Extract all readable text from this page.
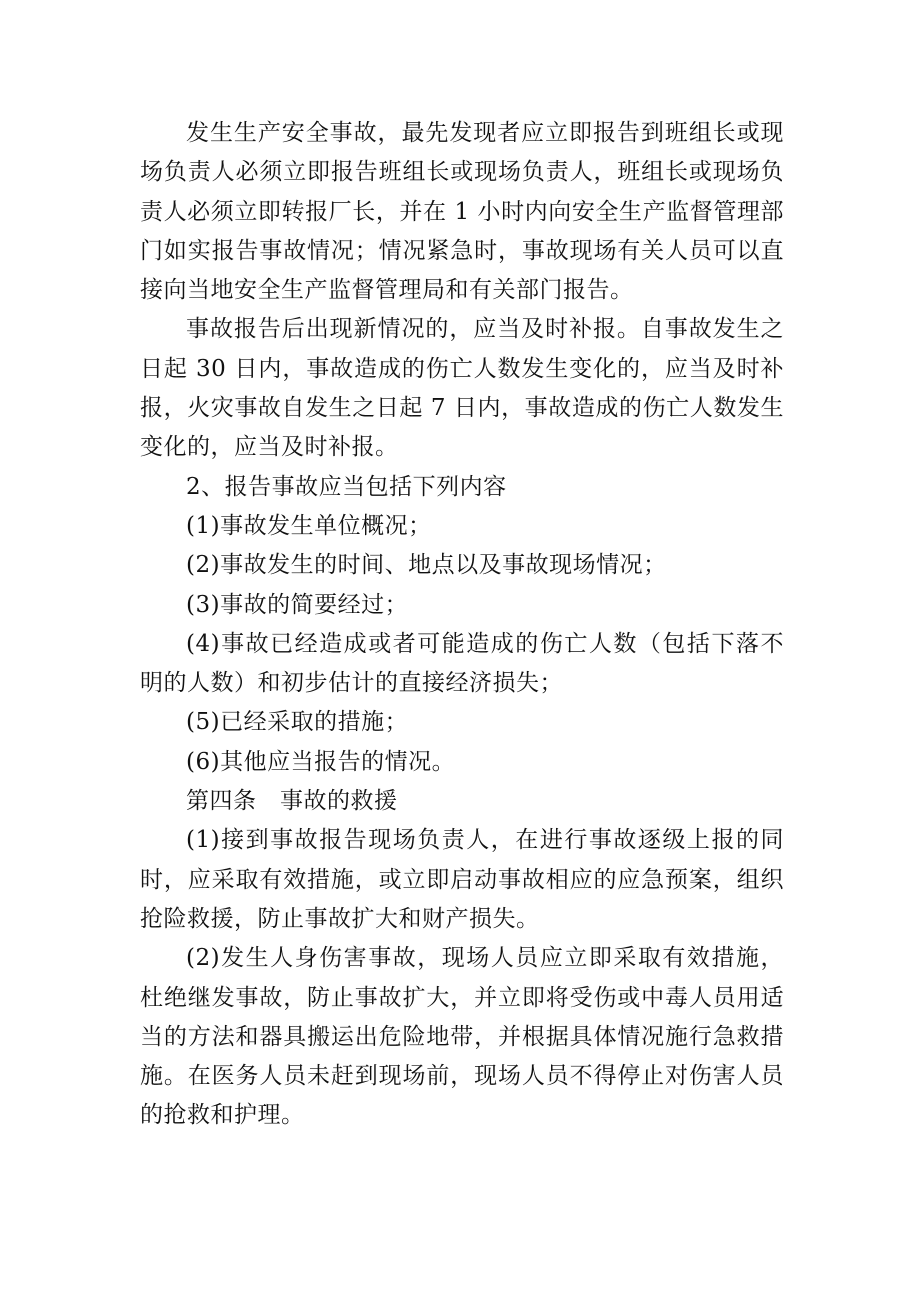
发生生产安全事故，最先发现者应立即报告到班组长或现场负责人必须立即报告班组长或现场负责人，班组长或现场负责人必须立即转报厂长，并在 1 小时内向安全生产监督管理部门如实报告事故情况；情况紧急时，事故现场有关人员可以直接向当地安全生产监督管理局和有关部门报告。

事故报告后出现新情况的，应当及时补报。自事故发生之日起 30 日内，事故造成的伤亡人数发生变化的，应当及时补报，火灾事故自发生之日起 7 日内，事故造成的伤亡人数发生变化的，应当及时补报。

2、报告事故应当包括下列内容

(1)事故发生单位概况；

(2)事故发生的时间、地点以及事故现场情况；

(3)事故的简要经过；

(4)事故已经造成或者可能造成的伤亡人数（包括下落不明的人数）和初步估计的直接经济损失；

(5)已经采取的措施；

(6)其他应当报告的情况。

第四条　事故的救援

(1)接到事故报告现场负责人，在进行事故逐级上报的同时，应采取有效措施，或立即启动事故相应的应急预案，组织抢险救援，防止事故扩大和财产损失。

(2)发生人身伤害事故，现场人员应立即采取有效措施，杜绝继发事故，防止事故扩大，并立即将受伤或中毒人员用适当的方法和器具搬运出危险地带，并根据具体情况施行急救措施。在医务人员未赶到现场前，现场人员不得停止对伤害人员的抢救和护理。
